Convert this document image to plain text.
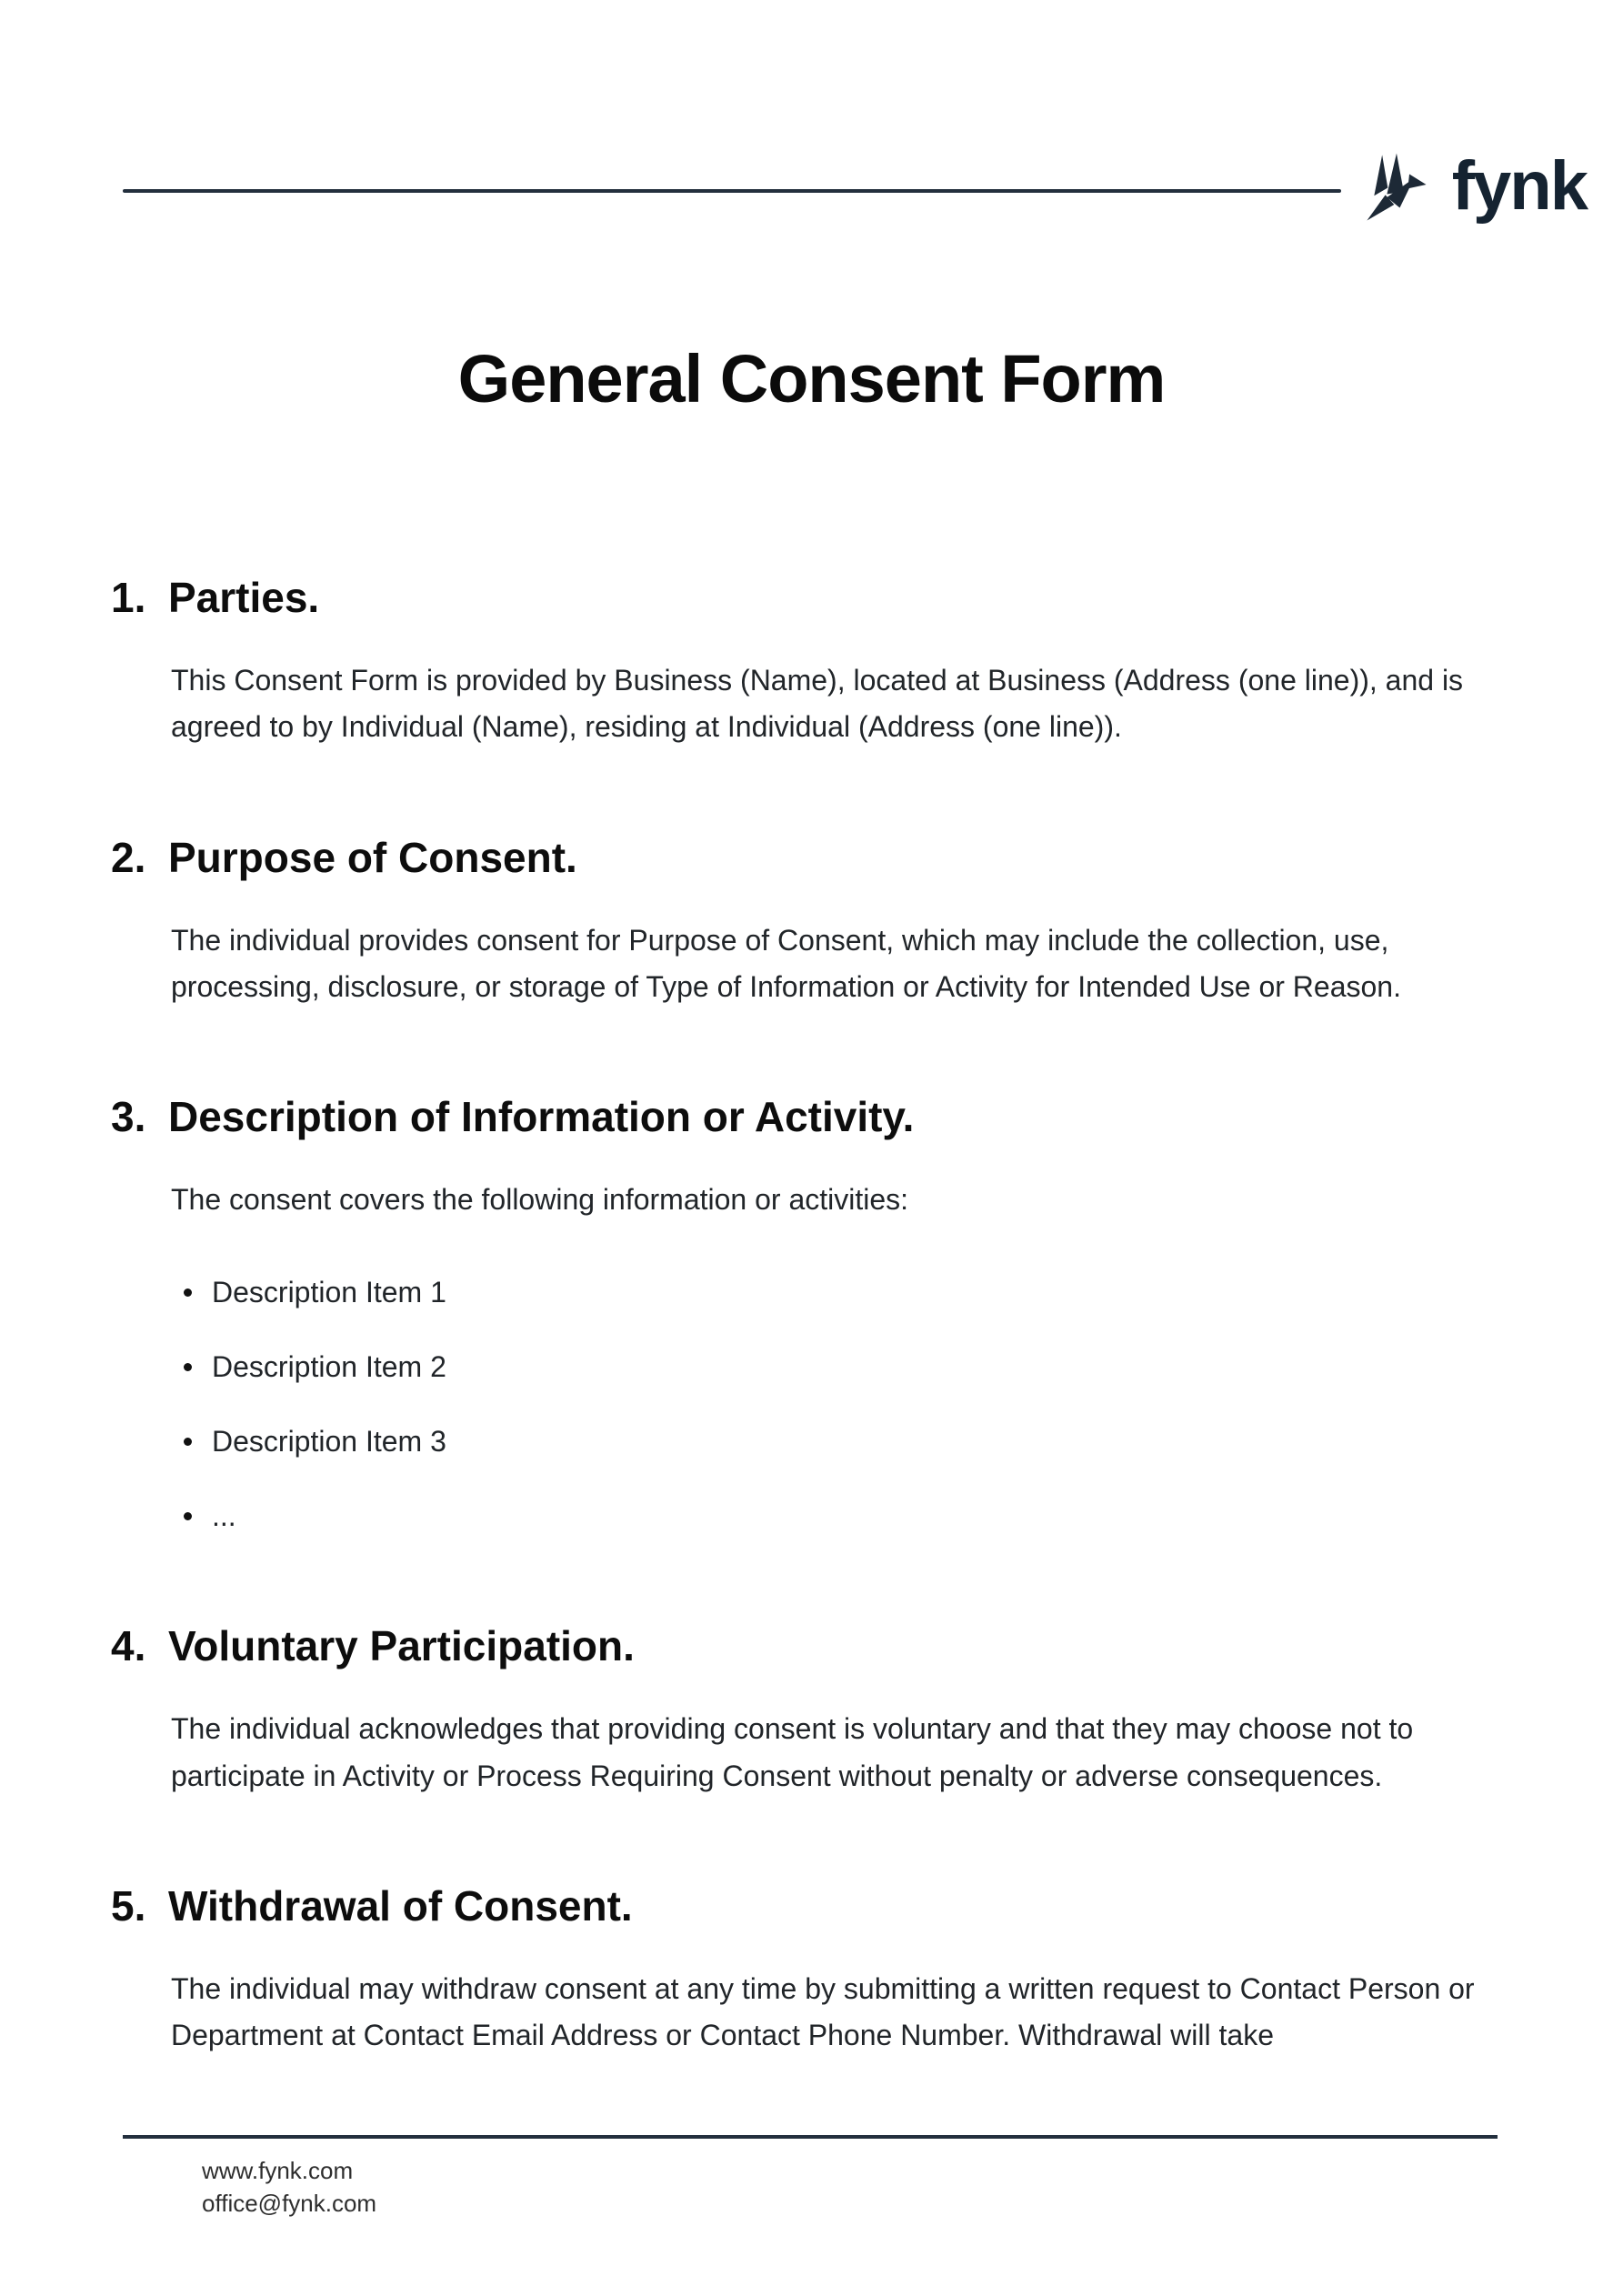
fynk
General Consent Form
1. Parties.

This Consent Form is provided by Business (Name), located at Business (Address (one line)), and is agreed to by Individual (Name), residing at Individual (Address (one line)).

2. Purpose of Consent.

The individual provides consent for Purpose of Consent, which may include the collection, use, processing, disclosure, or storage of Type of Information or Activity for Intended Use or Reason.

3. Description of Information or Activity.

The consent covers the following information or activities:

Description Item 1
Description Item 2
Description Item 3
...
4. Voluntary Participation.

The individual acknowledges that providing consent is voluntary and that they may choose not to participate in Activity or Process Requiring Consent without penalty or adverse consequences.

5. Withdrawal of Consent.

The individual may withdraw consent at any time by submitting a written request to Contact Person or Department at Contact Email Address or Contact Phone Number. Withdrawal will take

www.fynk.com
office@fynk.com
